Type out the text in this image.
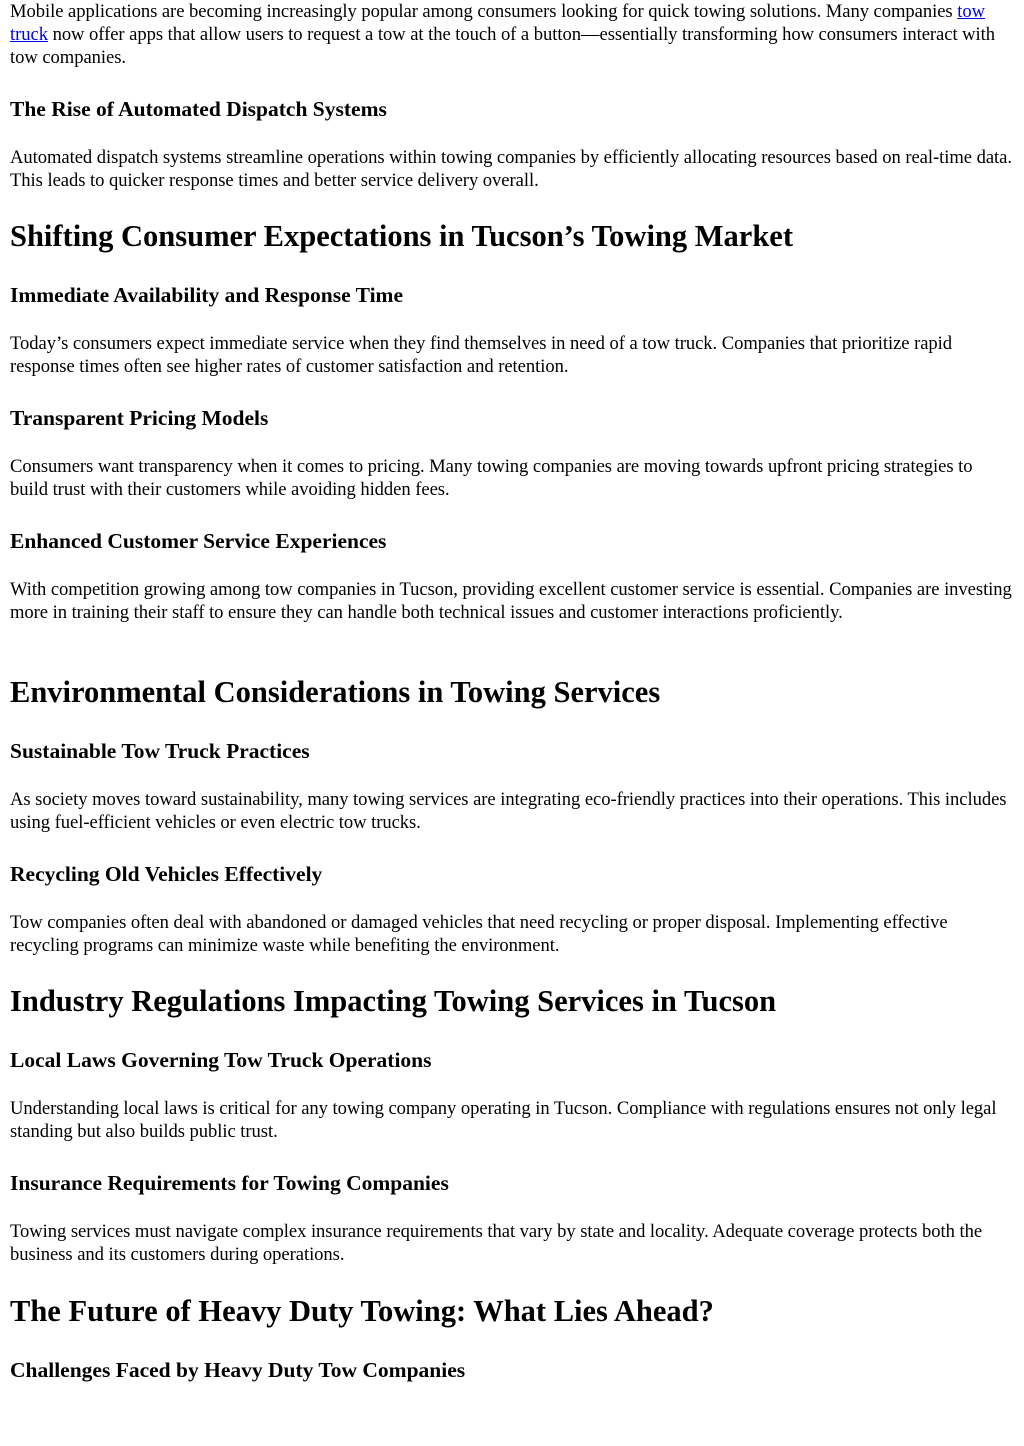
Mobile applications are becoming increasingly popular among consumers looking for quick towing solutions. Many companies tow truck now offer apps that allow users to request a tow at the touch of a button—essentially transforming how consumers interact with tow companies.

The Rise of Automated Dispatch Systems

Automated dispatch systems streamline operations within towing companies by efficiently allocating resources based on real-time data. This leads to quicker response times and better service delivery overall.

Shifting Consumer Expectations in Tucson’s Towing Market
Immediate Availability and Response Time

Today’s consumers expect immediate service when they find themselves in need of a tow truck. Companies that prioritize rapid response times often see higher rates of customer satisfaction and retention.

Transparent Pricing Models

Consumers want transparency when it comes to pricing. Many towing companies are moving towards upfront pricing strategies to build trust with their customers while avoiding hidden fees.

Enhanced Customer Service Experiences

With competition growing among tow companies in Tucson, providing excellent customer service is essential. Companies are investing more in training their staff to ensure they can handle both technical issues and customer interactions proficiently.

Environmental Considerations in Towing Services
Sustainable Tow Truck Practices

As society moves toward sustainability, many towing services are integrating eco-friendly practices into their operations. This includes using fuel-efficient vehicles or even electric tow trucks.

Recycling Old Vehicles Effectively

Tow companies often deal with abandoned or damaged vehicles that need recycling or proper disposal. Implementing effective recycling programs can minimize waste while benefiting the environment.

Industry Regulations Impacting Towing Services in Tucson
Local Laws Governing Tow Truck Operations

Understanding local laws is critical for any towing company operating in Tucson. Compliance with regulations ensures not only legal standing but also builds public trust.

Insurance Requirements for Towing Companies

Towing services must navigate complex insurance requirements that vary by state and locality. Adequate coverage protects both the business and its customers during operations.

The Future of Heavy Duty Towing: What Lies Ahead?
Challenges Faced by Heavy Duty Tow Companies
